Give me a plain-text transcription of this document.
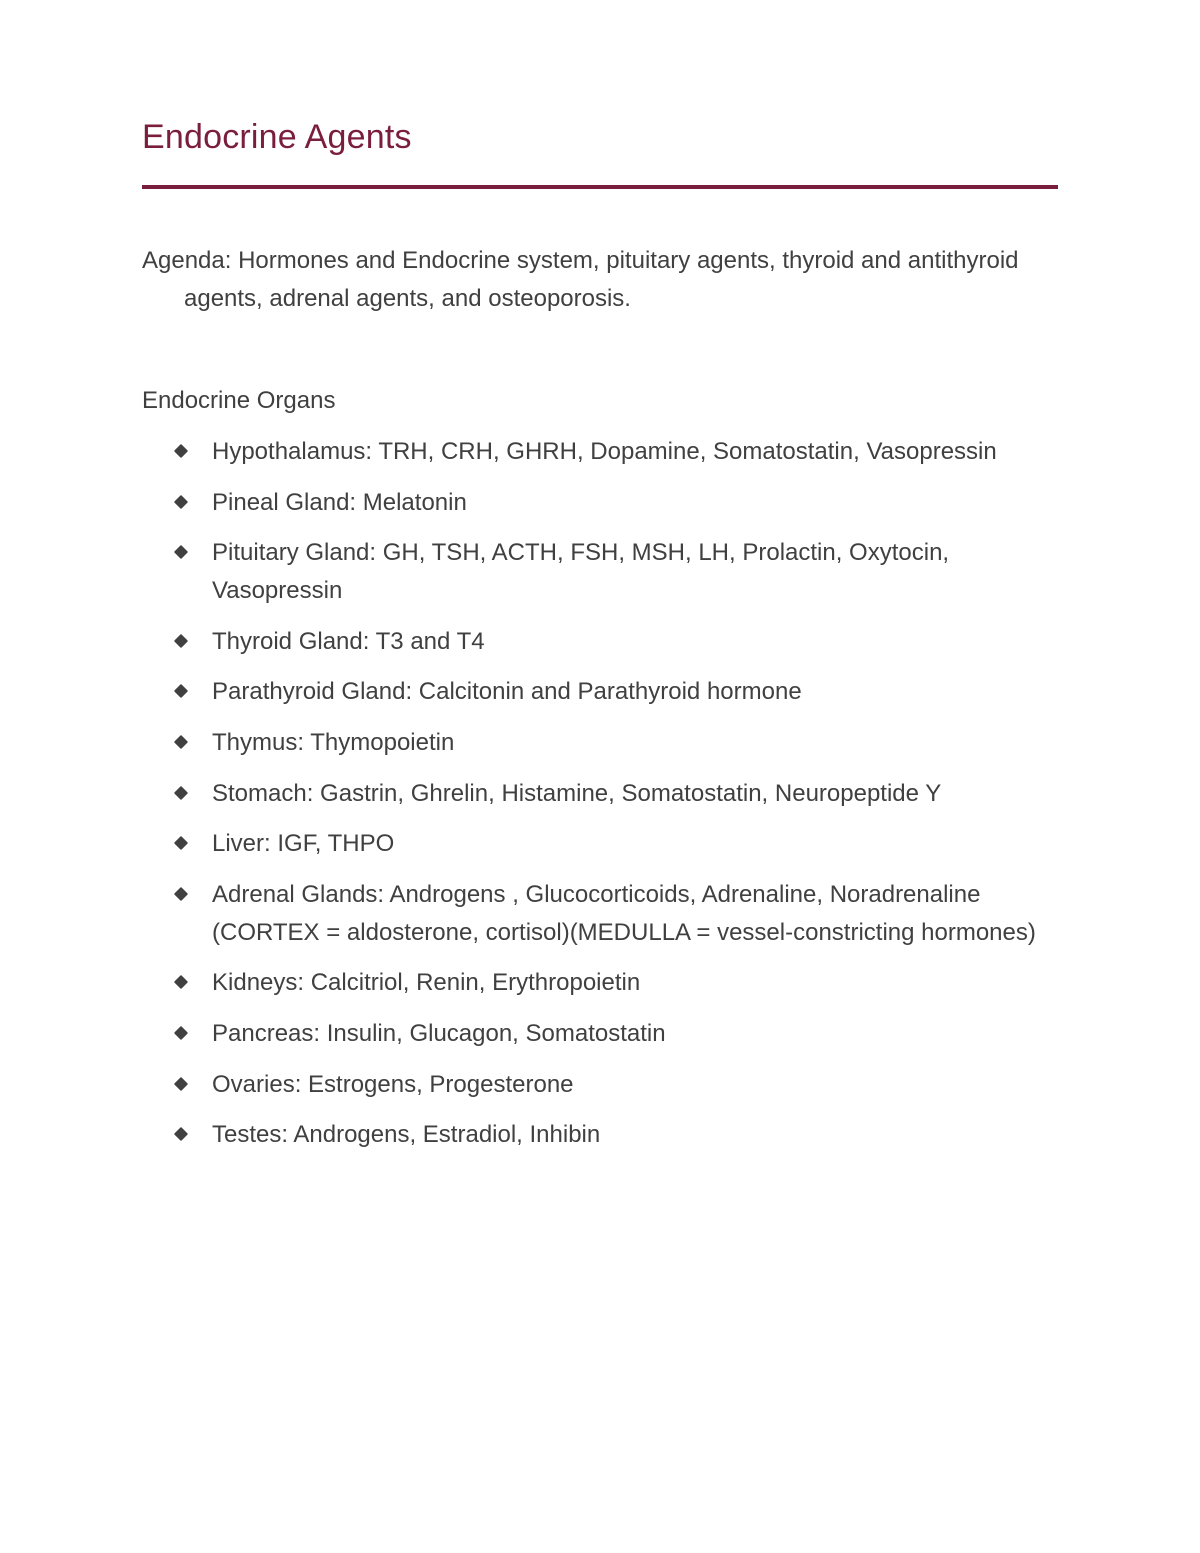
Endocrine Agents

Agenda: Hormones and Endocrine system, pituitary agents, thyroid and antithyroid agents, adrenal agents, and osteoporosis.

Endocrine Organs
Hypothalamus: TRH, CRH, GHRH, Dopamine, Somatostatin, Vasopressin
Pineal Gland: Melatonin
Pituitary Gland: GH, TSH, ACTH, FSH, MSH, LH, Prolactin, Oxytocin, Vasopressin
Thyroid Gland: T3 and T4
Parathyroid Gland: Calcitonin and Parathyroid hormone
Thymus: Thymopoietin
Stomach: Gastrin, Ghrelin, Histamine, Somatostatin, Neuropeptide Y
Liver: IGF, THPO
Adrenal Glands: Androgens , Glucocorticoids, Adrenaline, Noradrenaline (CORTEX = aldosterone, cortisol)(MEDULLA = vessel-constricting hormones)
Kidneys: Calcitriol, Renin, Erythropoietin
Pancreas: Insulin, Glucagon, Somatostatin
Ovaries: Estrogens, Progesterone
Testes: Androgens, Estradiol, Inhibin
